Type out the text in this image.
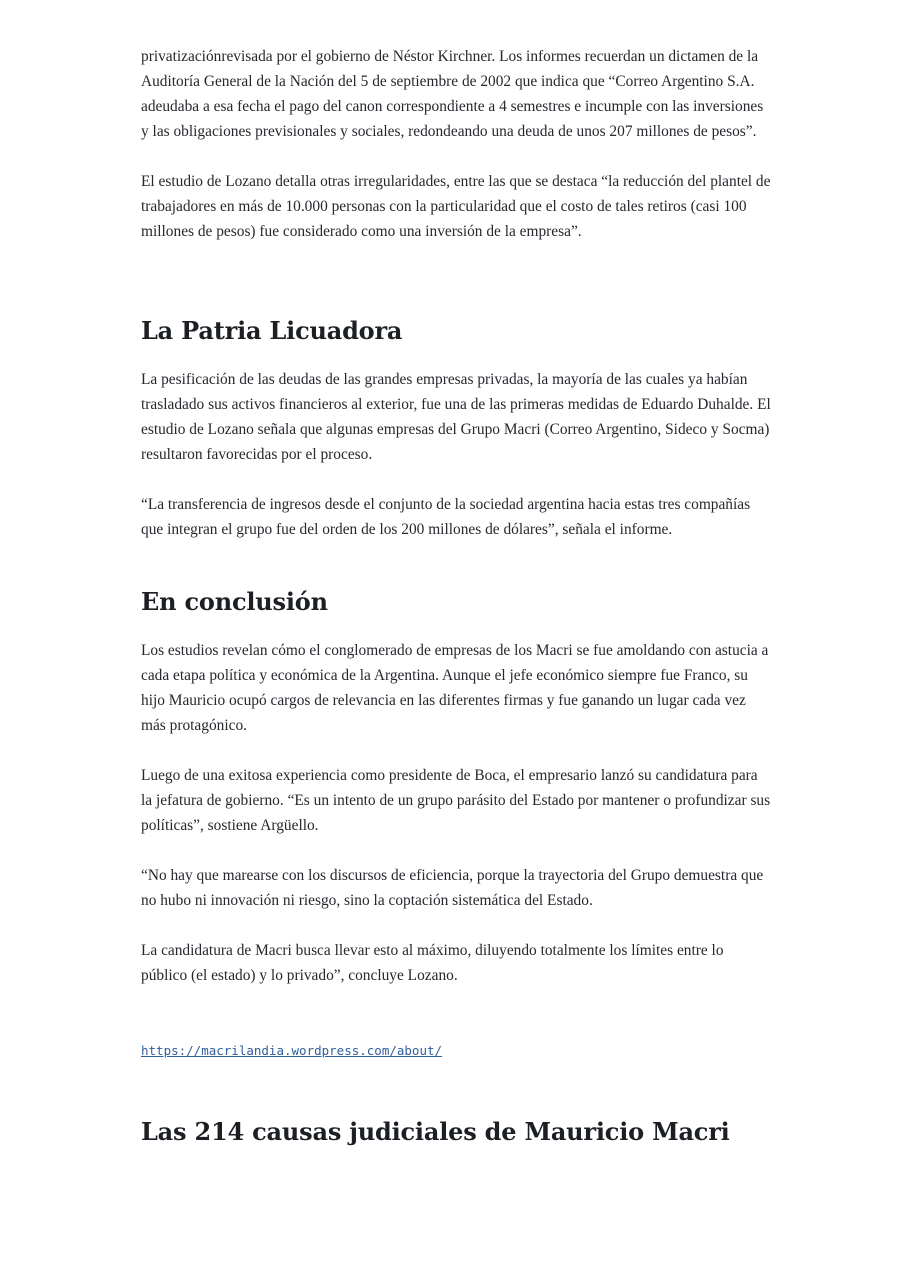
privatizaciónrevisada por el gobierno de Néstor Kirchner. Los informes recuerdan un dictamen de la Auditoría General de la Nación del 5 de septiembre de 2002 que indica que “Correo Argentino S.A. adeudaba a esa fecha el pago del canon correspondiente a 4 semestres e incumple con las inversiones y las obligaciones previsionales y sociales, redondeando una deuda de unos 207 millones de pesos”.

El estudio de Lozano detalla otras irregularidades, entre las que se destaca “la reducción del plantel de trabajadores en más de 10.000 personas con la particularidad que el costo de tales retiros (casi 100 millones de pesos) fue considerado como una inversión de la empresa”.

La Patria Licuadora

La pesificación de las deudas de las grandes empresas privadas, la mayoría de las cuales ya habían trasladado sus activos financieros al exterior, fue una de las primeras medidas de Eduardo Duhalde. El estudio de Lozano señala que algunas empresas del Grupo Macri (Correo Argentino, Sideco y Socma) resultaron favorecidas por el proceso.

“La transferencia de ingresos desde el conjunto de la sociedad argentina hacia estas tres compañías que integran el grupo fue del orden de los 200 millones de dólares”, señala el informe.

En conclusión

Los estudios revelan cómo el conglomerado de empresas de los Macri se fue amoldando con astucia a cada etapa política y económica de la Argentina. Aunque el jefe económico siempre fue Franco, su hijo Mauricio ocupó cargos de relevancia en las diferentes firmas y fue ganando un lugar cada vez más protagónico.

Luego de una exitosa experiencia como presidente de Boca, el empresario lanzó su candidatura para la jefatura de gobierno. “Es un intento de un grupo parásito del Estado por mantener o profundizar sus políticas”, sostiene Argüello.

“No hay que marearse con los discursos de eficiencia, porque la trayectoria del Grupo demuestra que no hubo ni innovación ni riesgo, sino la coptación sistemática del Estado.

La candidatura de Macri busca llevar esto al máximo, diluyendo totalmente los límites entre lo público (el estado) y lo privado”, concluye Lozano.

https://macrilandia.wordpress.com/about/
Las 214 causas judiciales de Mauricio Macri
